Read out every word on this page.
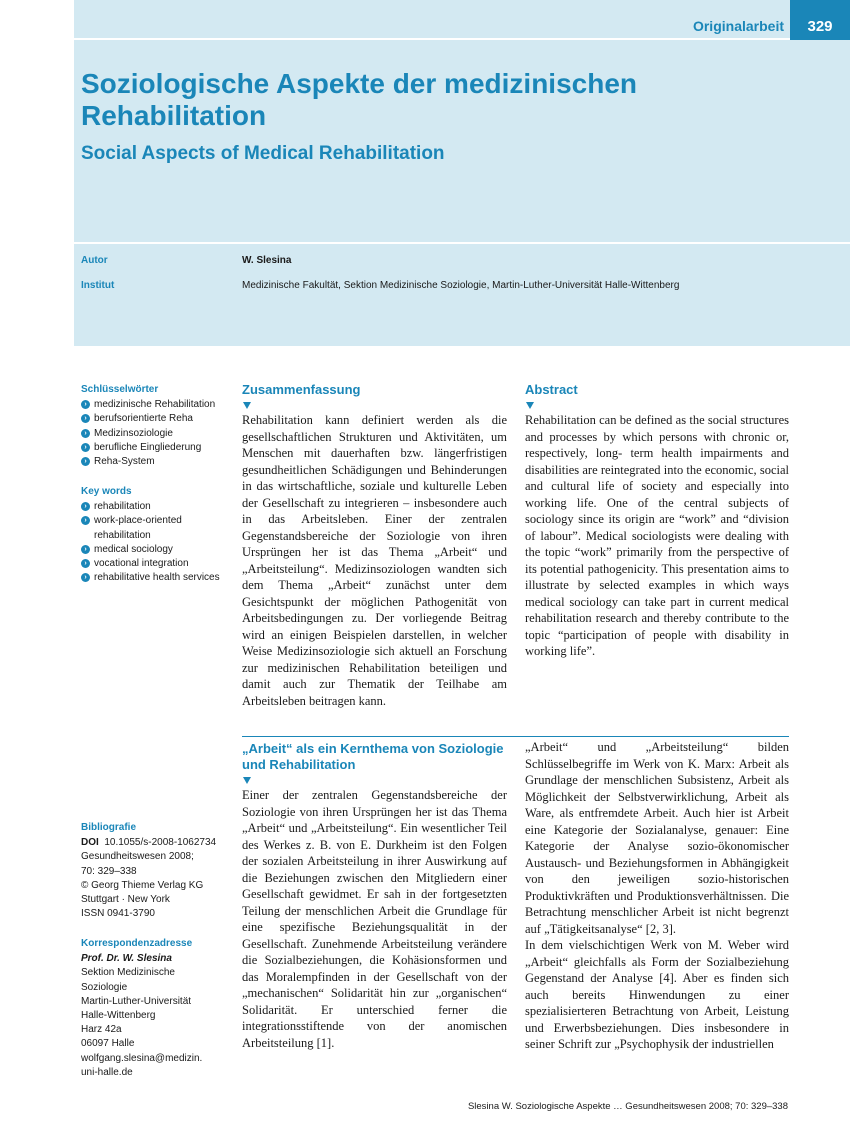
Originalarbeit	329
Soziologische Aspekte der medizinischen Rehabilitation
Social Aspects of Medical Rehabilitation
Autor	W. Slesina
Institut	Medizinische Fakultät, Sektion Medizinische Soziologie, Martin-Luther-Universität Halle-Wittenberg
Schlüsselwörter
› medizinische Rehabilitation
› berufsorientierte Reha
› Medizinsoziologie
› berufliche Eingliederung
› Reha-System
Key words
› rehabilitation
› work-place-oriented rehabilitation
› medical sociology
› vocational integration
› rehabilitative health services
Bibliografie
DOI 10.1055/s-2008-1062734
Gesundheitswesen 2008;
70: 329–338
© Georg Thieme Verlag KG
Stuttgart · New York
ISSN 0941-3790
Korrespondenzadresse
Prof. Dr. W. Slesina
Sektion Medizinische
Soziologie
Martin-Luther-Universität
Halle-Wittenberg
Harz 42a
06097 Halle
wolfgang.slesina@medizin.
uni-halle.de
Zusammenfassung

Rehabilitation kann definiert werden als die gesellschaftlichen Strukturen und Aktivitäten, um Menschen mit dauerhaften bzw. längerfristigen gesundheitlichen Schädigungen und Behinderungen in das wirtschaftliche, soziale und kulturelle Leben der Gesellschaft zu integrieren – insbesondere auch in das Arbeitsleben. Einer der zentralen Gegenstandsbereiche der Soziologie von ihren Ursprüngen her ist das Thema „Arbeit“ und „Arbeitsteilung“. Medizinsoziologen wandten sich dem Thema „Arbeit“ zunächst unter dem Gesichtspunkt der möglichen Pathogenität von Arbeitsbedingungen zu. Der vorliegende Beitrag wird an einigen Beispielen darstellen, in welcher Weise Medizinsoziologie sich aktuell an Forschung zur medizinischen Rehabilitation beteiligen und damit auch zur Thematik der Teilhabe am Arbeitsleben beitragen kann.

Abstract

Rehabilitation can be defined as the social structures and processes by which persons with chronic or, respectively, long- term health impairments and disabilities are reintegrated into the economic, social and cultural life of society and especially into working life. One of the central subjects of sociology since its origin are “work” and “division of labour”. Medical sociologists were dealing with the topic “work” primarily from the perspective of its potential pathogenicity. This presentation aims to illustrate by selected examples in which ways medical sociology can take part in current medical rehabilitation research and thereby contribute to the topic “participation of people with disability in working life”.

„Arbeit“ als ein Kernthema von Soziologie und Rehabilitation

Einer der zentralen Gegenstandsbereiche der Soziologie von ihren Ursprüngen her ist das Thema „Arbeit“ und „Arbeitsteilung“. Ein wesentlicher Teil des Werkes z. B. von E. Durkheim ist den Folgen der sozialen Arbeitsteilung in ihrer Auswirkung auf die Beziehungen zwischen den Mitgliedern einer Gesellschaft gewidmet. Er sah in der fortgesetzten Teilung der menschlichen Arbeit die Grundlage für eine spezifische Beziehungsqualität in der Gesellschaft. Zunehmende Arbeitsteilung verändere die Sozialbeziehungen, die Kohäsionsformen und das Moralempfinden in der Gesellschaft von der „mechanischen“ Solidarität hin zur „organischen“ Solidarität. Er unterschied ferner die integrationsstiftende von der anomischen Arbeitsteilung [1].

„Arbeit“ und „Arbeitsteilung“ bilden Schlüsselbegriffe im Werk von K. Marx: Arbeit als Grundlage der menschlichen Subsistenz, Arbeit als Möglichkeit der Selbstverwirklichung, Arbeit als Ware, als entfremdete Arbeit. Auch hier ist Arbeit eine Kategorie der Sozialanalyse, genauer: Eine Kategorie der Analyse sozio-ökonomischer Austausch- und Beziehungsformen in Abhängigkeit von den jeweiligen sozio-historischen Produktivkräften und Produktionsverhältnissen. Die Betrachtung menschlicher Arbeit ist nicht begrenzt auf „Tätigkeitsanalyse“ [2, 3].

In dem vielschichtigen Werk von M. Weber wird „Arbeit“ gleichfalls als Form der Sozialbeziehung Gegenstand der Analyse [4]. Aber es finden sich auch bereits Hinwendungen zu einer spezialisierteren Betrachtung von Arbeit, Leistung und Erwerbsbeziehungen. Dies insbesondere in seiner Schrift zur „Psychophysik der industriellen

Slesina W. Soziologische Aspekte … Gesundheitswesen 2008; 70: 329–338
